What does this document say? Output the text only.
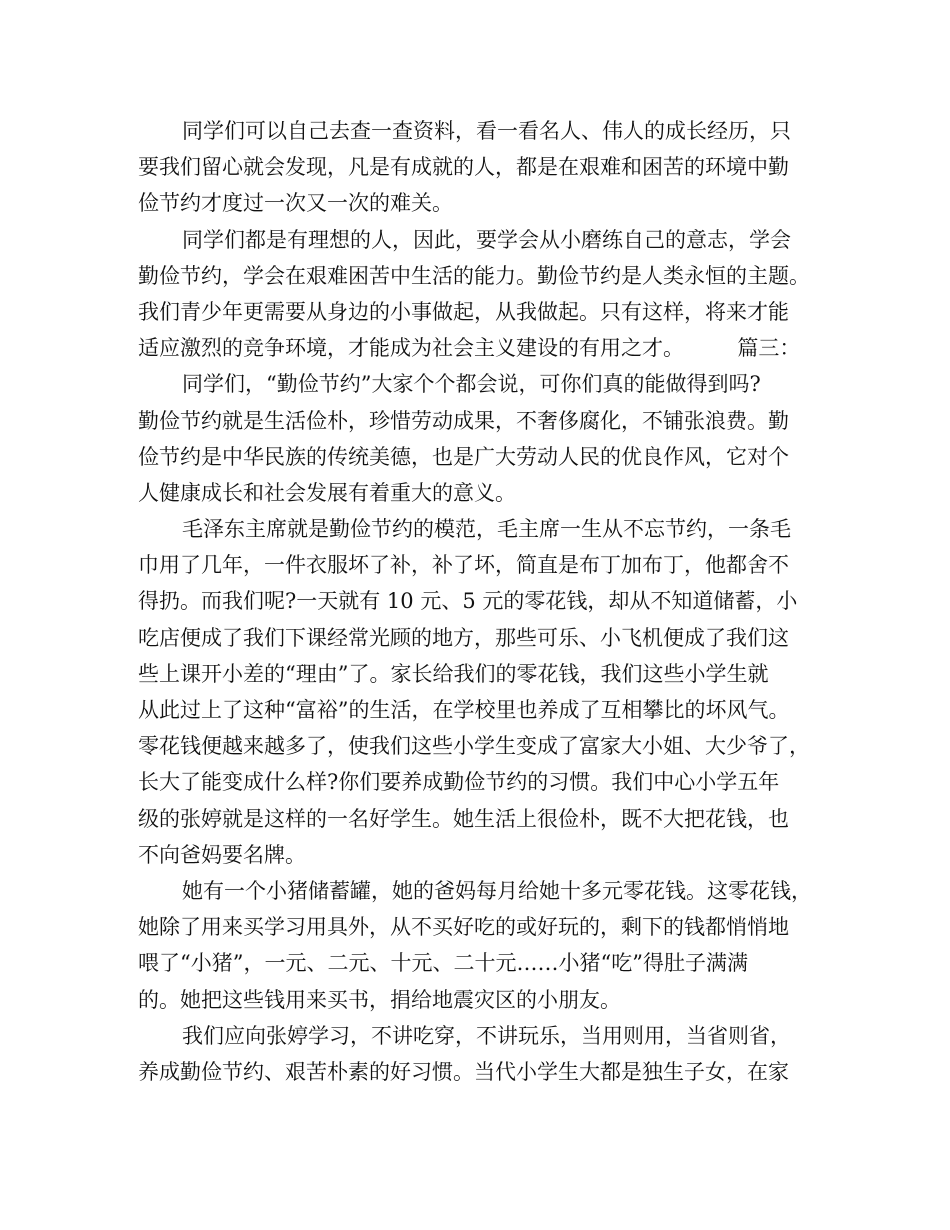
同学们可以自己去查一查资料，看一看名人、伟人的成长经历，只
要我们留心就会发现，凡是有成就的人，都是在艰难和困苦的环境中勤
俭节约才度过一次又一次的难关。
同学们都是有理想的人，因此，要学会从小磨练自己的意志，学会
勤俭节约，学会在艰难困苦中生活的能力。勤俭节约是人类永恒的主题。
我们青少年更需要从身边的小事做起，从我做起。只有这样，将来才能
适应激烈的竞争环境，才能成为社会主义建设的有用之才。        篇三：
同学们，“勤俭节约”大家个个都会说，可你们真的能做得到吗?
勤俭节约就是生活俭朴，珍惜劳动成果，不奢侈腐化，不铺张浪费。勤
俭节约是中华民族的传统美德，也是广大劳动人民的优良作风，它对个
人健康成长和社会发展有着重大的意义。
毛泽东主席就是勤俭节约的模范，毛主席一生从不忘节约，一条毛
巾用了几年，一件衣服坏了补，补了坏，简直是布丁加布丁，他都舍不
得扔。而我们呢?一天就有 10 元、5 元的零花钱，却从不知道储蓄，小
吃店便成了我们下课经常光顾的地方，那些可乐、小飞机便成了我们这
些上课开小差的“理由”了。家长给我们的零花钱，我们这些小学生就
从此过上了这种“富裕”的生活，在学校里也养成了互相攀比的坏风气。
零花钱便越来越多了，使我们这些小学生变成了富家大小姐、大少爷了，
长大了能变成什么样?你们要养成勤俭节约的习惯。我们中心小学五年
级的张婷就是这样的一名好学生。她生活上很俭朴，既不大把花钱，也
不向爸妈要名牌。
她有一个小猪储蓄罐，她的爸妈每月给她十多元零花钱。这零花钱，
她除了用来买学习用具外，从不买好吃的或好玩的，剩下的钱都悄悄地
喂了“小猪”，一元、二元、十元、二十元……小猪“吃”得肚子满满
的。她把这些钱用来买书，捐给地震灾区的小朋友。
我们应向张婷学习，不讲吃穿，不讲玩乐，当用则用，当省则省，
养成勤俭节约、艰苦朴素的好习惯。当代小学生大都是独生子女，在家
